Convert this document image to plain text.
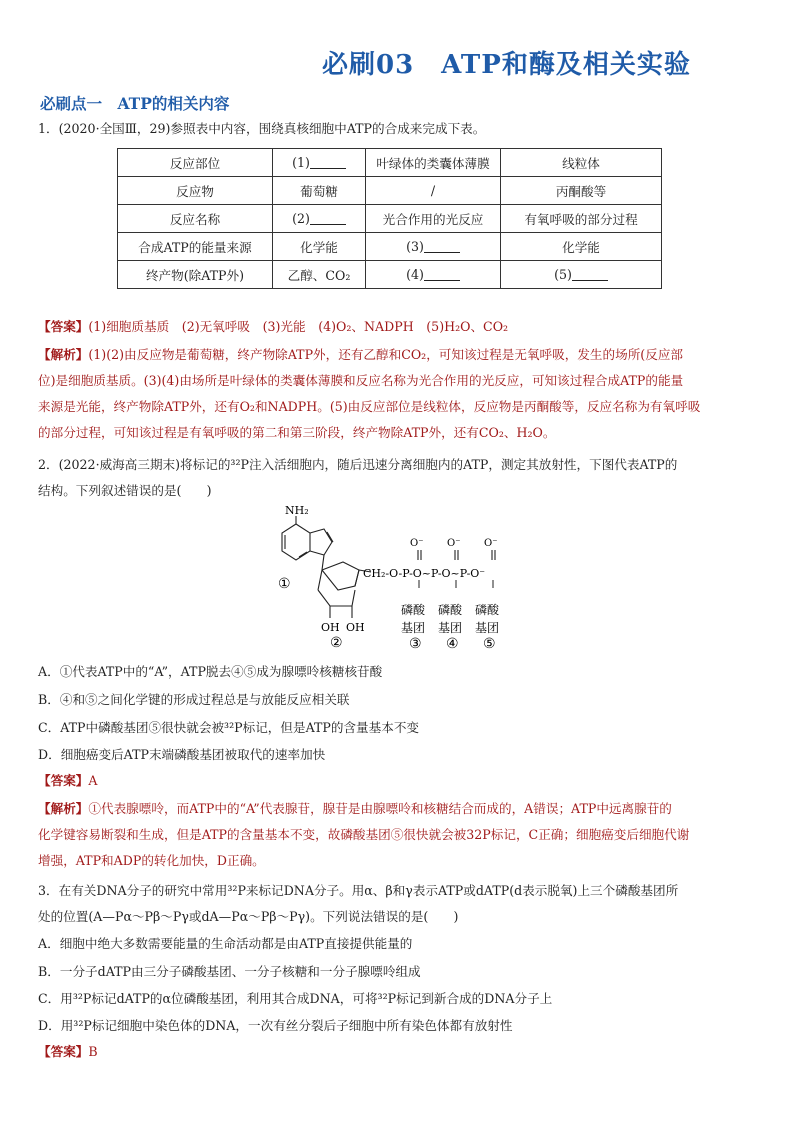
必刷03　ATP和酶及相关实验
必刷点一　ATP的相关内容
1．(2020·全国Ⅲ，29)参照表中内容，围绕真核细胞中ATP的合成来完成下表。
反应部位	(1)	叶绿体的类囊体薄膜	线粒体
反应物	葡萄糖	/	丙酮酸等
反应名称	(2)	光合作用的光反应	有氧呼吸的部分过程
合成ATP的能量来源	化学能	(3)	化学能
终产物(除ATP外)	乙醇、CO₂	(4)	(5)
【答案】(1)细胞质基质　(2)无氧呼吸　(3)光能　(4)O₂、NADPH　(5)H₂O、CO₂
【解析】(1)(2)由反应物是葡萄糖，终产物除ATP外，还有乙醇和CO₂，可知该过程是无氧呼吸，发生的场所(反应部
位)是细胞质基质。(3)(4)由场所是叶绿体的类囊体薄膜和反应名称为光合作用的光反应，可知该过程合成ATP的能量
来源是光能，终产物除ATP外，还有O₂和NADPH。(5)由反应部位是线粒体，反应物是丙酮酸等，反应名称为有氧呼吸
的部分过程，可知该过程是有氧呼吸的第二和第三阶段，终产物除ATP外，还有CO₂、H₂O。
2．(2022·威海高三期末)将标记的³²P注入活细胞内，随后迅速分离细胞内的ATP，测定其放射性，下图代表ATP的
结构。下列叙述错误的是(　　)
NH₂
①
OH OH
②
O⁻ O⁻ O⁻
CH₂-O-P-O~P-O~P-O⁻
磷酸 磷酸 磷酸
基团 基团 基团
③ ④ ⑤
A．①代表ATP中的“A”，ATP脱去④⑤成为腺嘌呤核糖核苷酸
B．④和⑤之间化学键的形成过程总是与放能反应相关联
C．ATP中磷酸基团⑤很快就会被³²P标记，但是ATP的含量基本不变
D．细胞癌变后ATP末端磷酸基团被取代的速率加快
【答案】A
【解析】①代表腺嘌呤，而ATP中的“A”代表腺苷，腺苷是由腺嘌呤和核糖结合而成的，A错误；ATP中远离腺苷的
化学键容易断裂和生成，但是ATP的含量基本不变，故磷酸基团⑤很快就会被32P标记，C正确；细胞癌变后细胞代谢
增强，ATP和ADP的转化加快，D正确。
3．在有关DNA分子的研究中常用³²P来标记DNA分子。用α、β和γ表示ATP或dATP(d表示脱氧)上三个磷酸基团所
处的位置(A—Pα～Pβ～Pγ或dA—Pα～Pβ～Pγ)。下列说法错误的是(　　)
A．细胞中绝大多数需要能量的生命活动都是由ATP直接提供能量的
B．一分子dATP由三分子磷酸基团、一分子核糖和一分子腺嘌呤组成
C．用³²P标记dATP的α位磷酸基团，利用其合成DNA，可将³²P标记到新合成的DNA分子上
D．用³²P标记细胞中染色体的DNA，一次有丝分裂后子细胞中所有染色体都有放射性
【答案】B
